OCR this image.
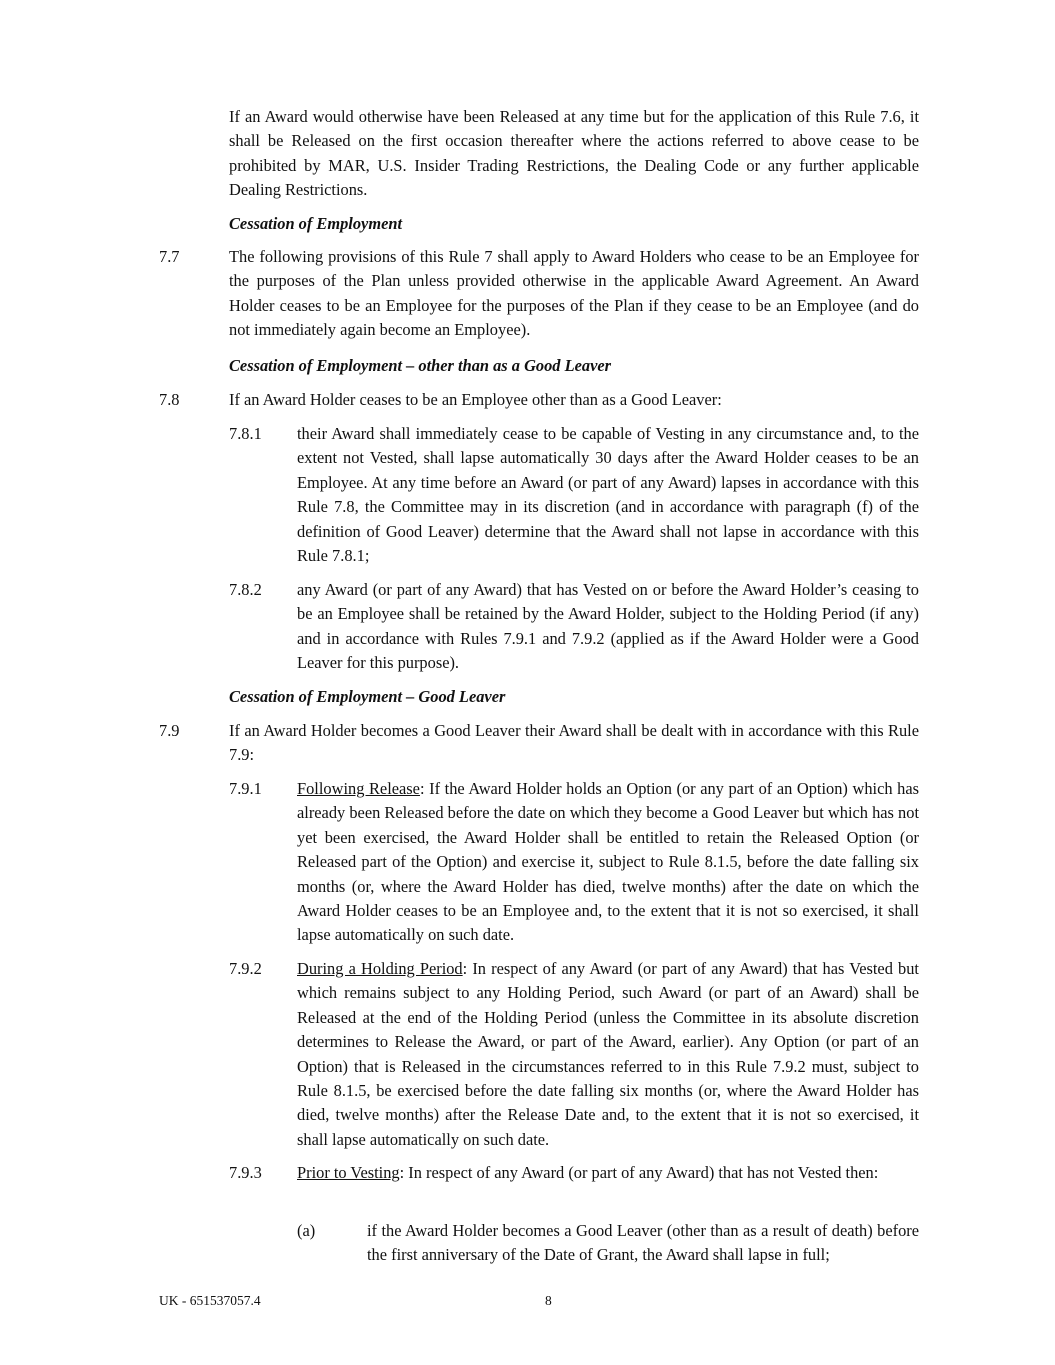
If an Award would otherwise have been Released at any time but for the application of this Rule 7.6, it shall be Released on the first occasion thereafter where the actions referred to above cease to be prohibited by MAR, U.S. Insider Trading Restrictions, the Dealing Code or any further applicable Dealing Restrictions.
Cessation of Employment
7.7	The following provisions of this Rule 7 shall apply to Award Holders who cease to be an Employee for the purposes of the Plan unless provided otherwise in the applicable Award Agreement. An Award Holder ceases to be an Employee for the purposes of the Plan if they cease to be an Employee (and do not immediately again become an Employee).
Cessation of Employment – other than as a Good Leaver
7.8	If an Award Holder ceases to be an Employee other than as a Good Leaver:
7.8.1 their Award shall immediately cease to be capable of Vesting in any circumstance and, to the extent not Vested, shall lapse automatically 30 days after the Award Holder ceases to be an Employee. At any time before an Award (or part of any Award) lapses in accordance with this Rule 7.8, the Committee may in its discretion (and in accordance with paragraph (f) of the definition of Good Leaver) determine that the Award shall not lapse in accordance with this Rule 7.8.1;
7.8.2 any Award (or part of any Award) that has Vested on or before the Award Holder’s ceasing to be an Employee shall be retained by the Award Holder, subject to the Holding Period (if any) and in accordance with Rules 7.9.1 and 7.9.2 (applied as if the Award Holder were a Good Leaver for this purpose).
Cessation of Employment – Good Leaver
7.9	If an Award Holder becomes a Good Leaver their Award shall be dealt with in accordance with this Rule 7.9:
7.9.1 Following Release: If the Award Holder holds an Option (or any part of an Option) which has already been Released before the date on which they become a Good Leaver but which has not yet been exercised, the Award Holder shall be entitled to retain the Released Option (or Released part of the Option) and exercise it, subject to Rule 8.1.5, before the date falling six months (or, where the Award Holder has died, twelve months) after the date on which the Award Holder ceases to be an Employee and, to the extent that it is not so exercised, it shall lapse automatically on such date.
7.9.2 During a Holding Period: In respect of any Award (or part of any Award) that has Vested but which remains subject to any Holding Period, such Award (or part of an Award) shall be Released at the end of the Holding Period (unless the Committee in its absolute discretion determines to Release the Award, or part of the Award, earlier). Any Option (or part of an Option) that is Released in the circumstances referred to in this Rule 7.9.2 must, subject to Rule 8.1.5, be exercised before the date falling six months (or, where the Award Holder has died, twelve months) after the Release Date and, to the extent that it is not so exercised, it shall lapse automatically on such date.
7.9.3 Prior to Vesting: In respect of any Award (or part of any Award) that has not Vested then:
(a)	if the Award Holder becomes a Good Leaver (other than as a result of death) before the first anniversary of the Date of Grant, the Award shall lapse in full;
UK - 651537057.4	8
